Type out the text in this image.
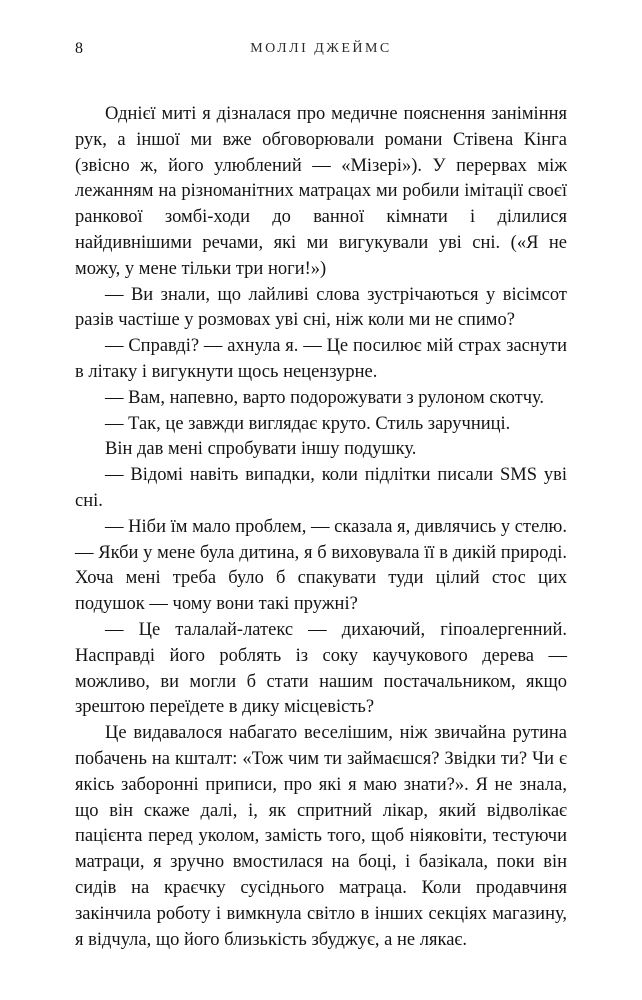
8	МОЛЛІ ДЖЕЙМС

Однієї миті я дізналася про медичне пояснення заніміння рук, а іншої ми вже обговорювали романи Стівена Кінга (звісно ж, його улюблений — «Мізері»). У перервах між лежанням на різноманітних матрацах ми робили імітації своєї ранкової зомбі-ходи до ванної кімнати і ділилися найдивнішими речами, які ми вигукували уві сні. («Я не можу, у мене тільки три ноги!»)

— Ви знали, що лайливі слова зустрічаються у вісімсот разів частіше у розмовах уві сні, ніж коли ми не спимо?

— Справді? — ахнула я. — Це посилює мій страх заснути в літаку і вигукнути щось нецензурне.

— Вам, напевно, варто подорожувати з рулоном скотчу.

— Так, це завжди виглядає круто. Стиль заручниці.

Він дав мені спробувати іншу подушку.

— Відомі навіть випадки, коли підлітки писали SMS уві сні.

— Ніби їм мало проблем, — сказала я, дивлячись у стелю. — Якби у мене була дитина, я б виховувала її в дикій природі. Хоча мені треба було б спакувати туди цілий стос цих подушок — чому вони такі пружні?

— Це талалай-латекс — дихаючий, гіпоалергенний. Насправді його роблять із соку каучукового дерева — можливо, ви могли б стати нашим постачальником, якщо зрештою переїдете в дику місцевість?

Це видавалося набагато веселішим, ніж звичайна рутина побачень на кшталт: «Тож чим ти займаєшся? Звідки ти? Чи є якісь заборонні приписи, про які я маю знати?». Я не знала, що він скаже далі, і, як спритний лікар, який відволікає пацієнта перед уколом, замість того, щоб ніяковіти, тестуючи матраци, я зручно вмостилася на боці, і базікала, поки він сидів на краєчку сусіднього матраца. Коли продавчиня закінчила роботу і вимкнула світло в інших секціях магазину, я відчула, що його близькість збуджує, а не лякає.
